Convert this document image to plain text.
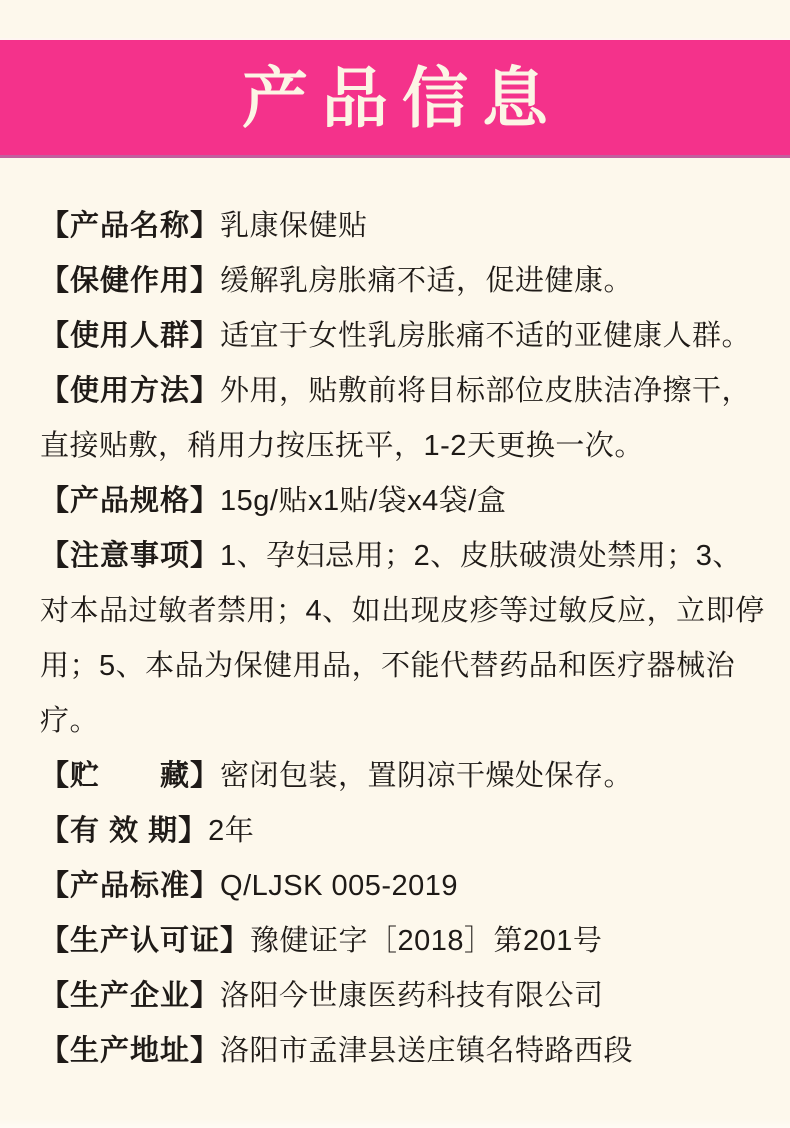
产品信息

【产品名称】乳康保健贴

【保健作用】缓解乳房胀痛不适，促进健康。

【使用人群】适宜于女性乳房胀痛不适的亚健康人群。

【使用方法】外用，贴敷前将目标部位皮肤洁净擦干，直接贴敷，稍用力按压抚平，1-2天更换一次。

【产品规格】15g/贴x1贴/袋x4袋/盒

【注意事项】1、孕妇忌用；2、皮肤破溃处禁用；3、对本品过敏者禁用；4、如出现皮疹等过敏反应，立即停用；5、本品为保健用品，不能代替药品和医疗器械治疗。

【贮　　藏】密闭包装，置阴凉干燥处保存。

【有 效 期】2年

【产品标准】Q/LJSK 005-2019

【生产认可证】豫健证字［2018］第201号

【生产企业】洛阳今世康医药科技有限公司

【生产地址】洛阳市孟津县送庄镇名特路西段
